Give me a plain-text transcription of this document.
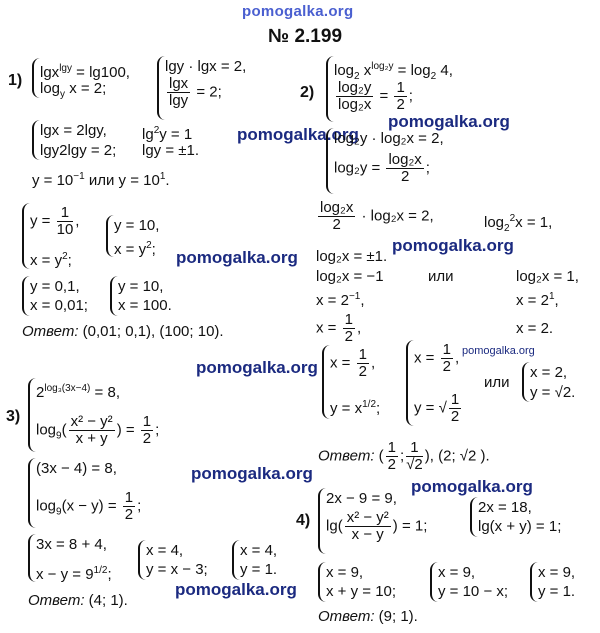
pomogalka.org
pomogalka.org
pomogalka.org
pomogalka.org
pomogalka.org
pomogalka.org
pomogalka.org
pomogalka.org
pomogalka.org
pomogalka.org
№ 2.199
1) lgx$^{lgy}$ = lg100,
$\log_y x = 2$;
lgy · lgx = 2,
$\frac{\lg x}{\lg y} = 2$;
lgx = 2lgy, $\lg^2y = 1$
lgy2lgy = 2; lgy = ±1.
$y = 10^{-1}$ или $y = 10^1$.
$y = \frac{1}{10}$ ,
$x = y^2$;
y = 10,
$x = y^2$;
y = 0,1,
x = 0,01;
y = 10,
x = 100.
Ответ: (0,01; 0,1), (100; 10).
2)
$\log_2 x^{log_2y} = \log_2 4$,
$\frac{\text{log₂y}}{\text{log₂x}} = \frac{1}{2}$ ;
log₂y · log₂x = 2,
$\log_2y = \frac{\text{log₂x}}{2}$ ;
$\frac{\text{log₂x}}{2} \cdot \log_2x = 2$,	$\log_2^2x = 1$,
log₂x = ±1.
log₂x = −1	или	log₂x = 1,
$x = 2^{-1}$,	$x = 2^1$,
$x = \frac{1}{2}$ ,	x = 2.
$x = \frac{1}{2}$ ,
$y = x^{1/2}$;
$x = \frac{1}{2}$ ,
y = √ $\frac{1}{2}$
или
x = 2,
y = √2.
Ответ: ( $\frac{1}{2}$ ; $\frac{1}{√2}$ ), (2; √2 ).
3)
$2^{log_3(3x-4)} = 8$,
$\log_9( \frac{\text{x² − y²}}{x + y}$ ) = $\frac{1}{2}$ ;
(3x − 4) = 8,
$\log_9(x - y) = \frac{1}{2}$ ;
3x = 8 + 4,
$x - y = 9^{1/2}$;
x = 4,
y = x − 3;
x = 4,
y = 1.
Ответ: (4; 1).
4)
2x − 9 = 9,
$\lg( \frac{\text{x² − y²}}{x - y}$ ) = 1;
2x = 18,
lg(x + y) = 1;
x = 9,
x + y = 10;
x = 9,
y = 10 − x;
x = 9,
y = 1.
Ответ: (9; 1).
